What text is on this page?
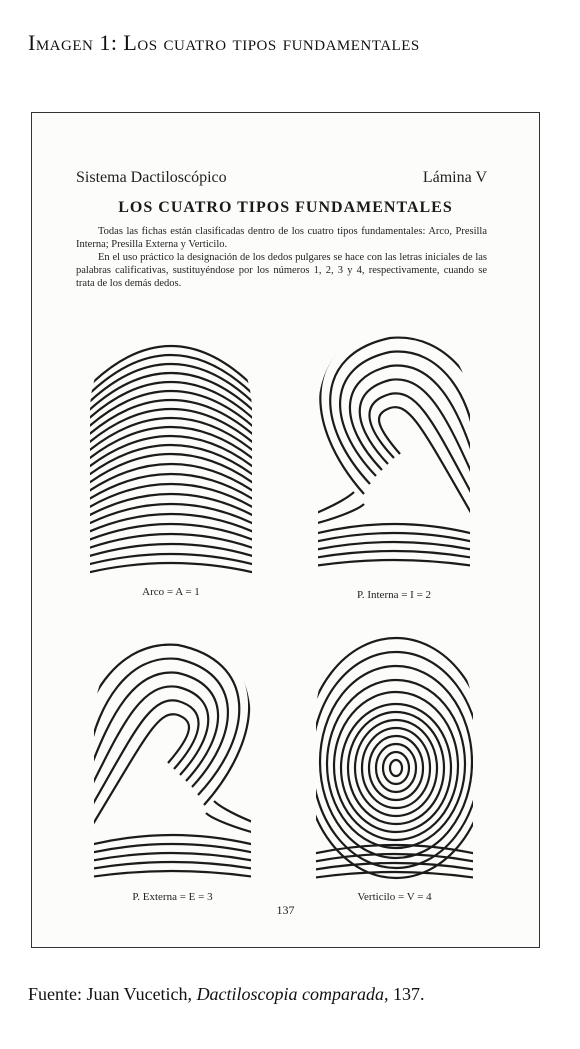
Imagen 1: Los cuatro tipos fundamentales
Sistema Dactiloscópico	Lámina V
LOS CUATRO TIPOS FUNDAMENTALES

Todas las fichas están clasificadas dentro de los cuatro tipos fundamentales: Arco, Presilla Interna; Presilla Externa y Verticilo.

En el uso práctico la designación de los dedos pulgares se hace con las letras iniciales de las palabras calificativas, sustituyéndose por los números 1, 2, 3 y 4, respectivamente, cuando se trata de los demás dedos.

Arco = A = 1	P. Interna = I = 2
P. Externa = E = 3	Verticilo = V = 4
137
Fuente: Juan Vucetich, Dactiloscopia comparada, 137.
